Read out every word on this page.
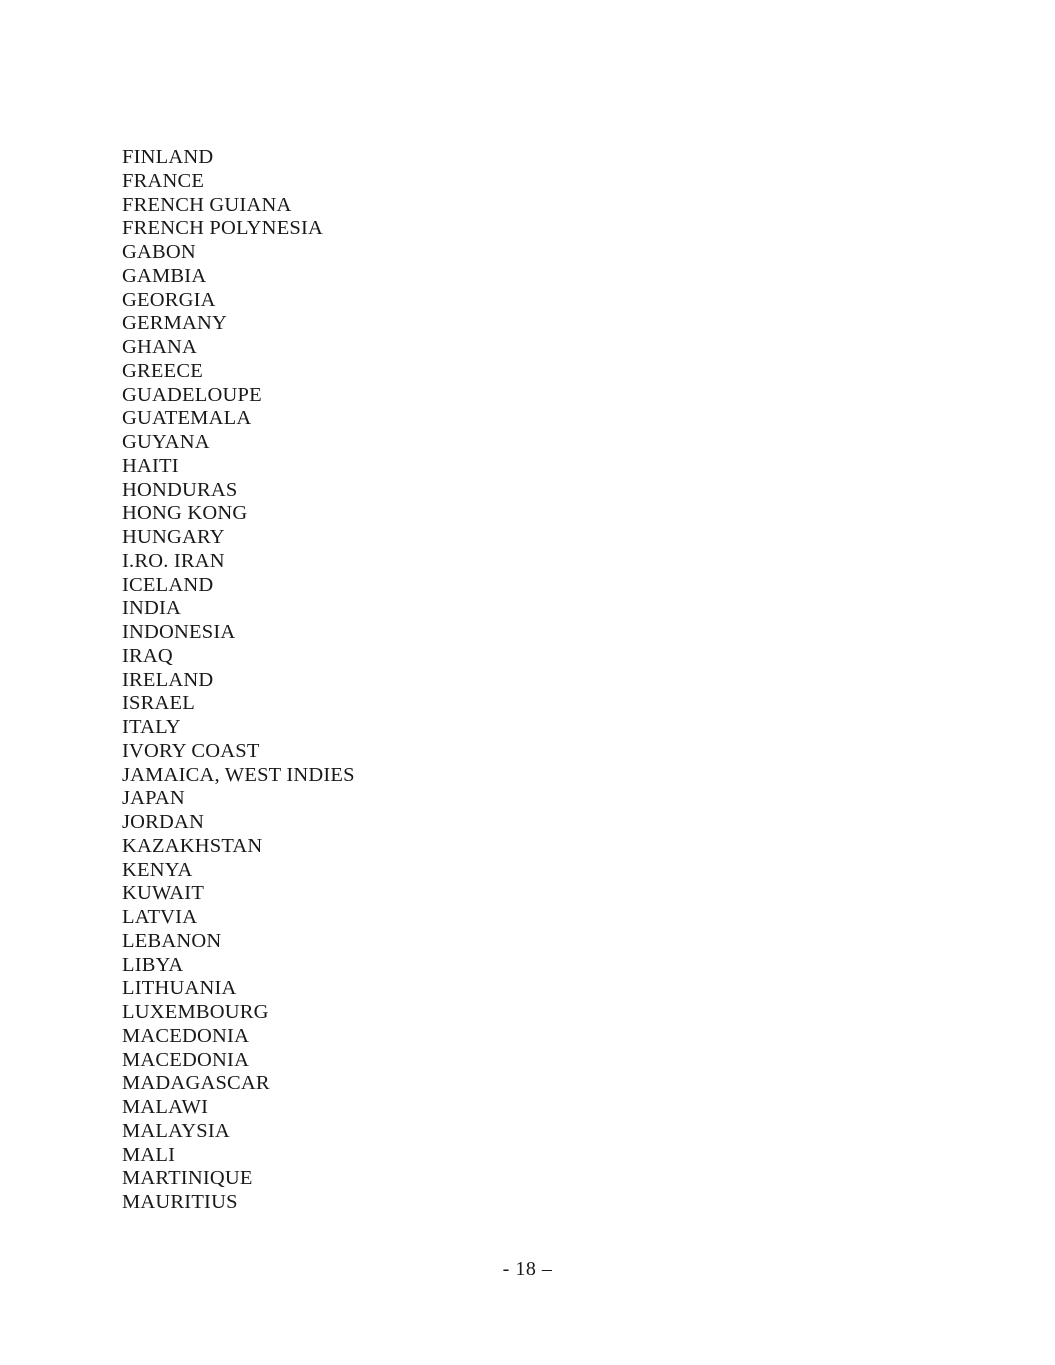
FINLAND
FRANCE
FRENCH GUIANA
FRENCH POLYNESIA
GABON
GAMBIA
GEORGIA
GERMANY
GHANA
GREECE
GUADELOUPE
GUATEMALA
GUYANA
HAITI
HONDURAS
HONG KONG
HUNGARY
I.RO. IRAN
ICELAND
INDIA
INDONESIA
IRAQ
IRELAND
ISRAEL
ITALY
IVORY COAST
JAMAICA, WEST INDIES
JAPAN
JORDAN
KAZAKHSTAN
KENYA
KUWAIT
LATVIA
LEBANON
LIBYA
LITHUANIA
LUXEMBOURG
MACEDONIA
MACEDONIA
MADAGASCAR
MALAWI
MALAYSIA
MALI
MARTINIQUE
MAURITIUS
- 18 –
